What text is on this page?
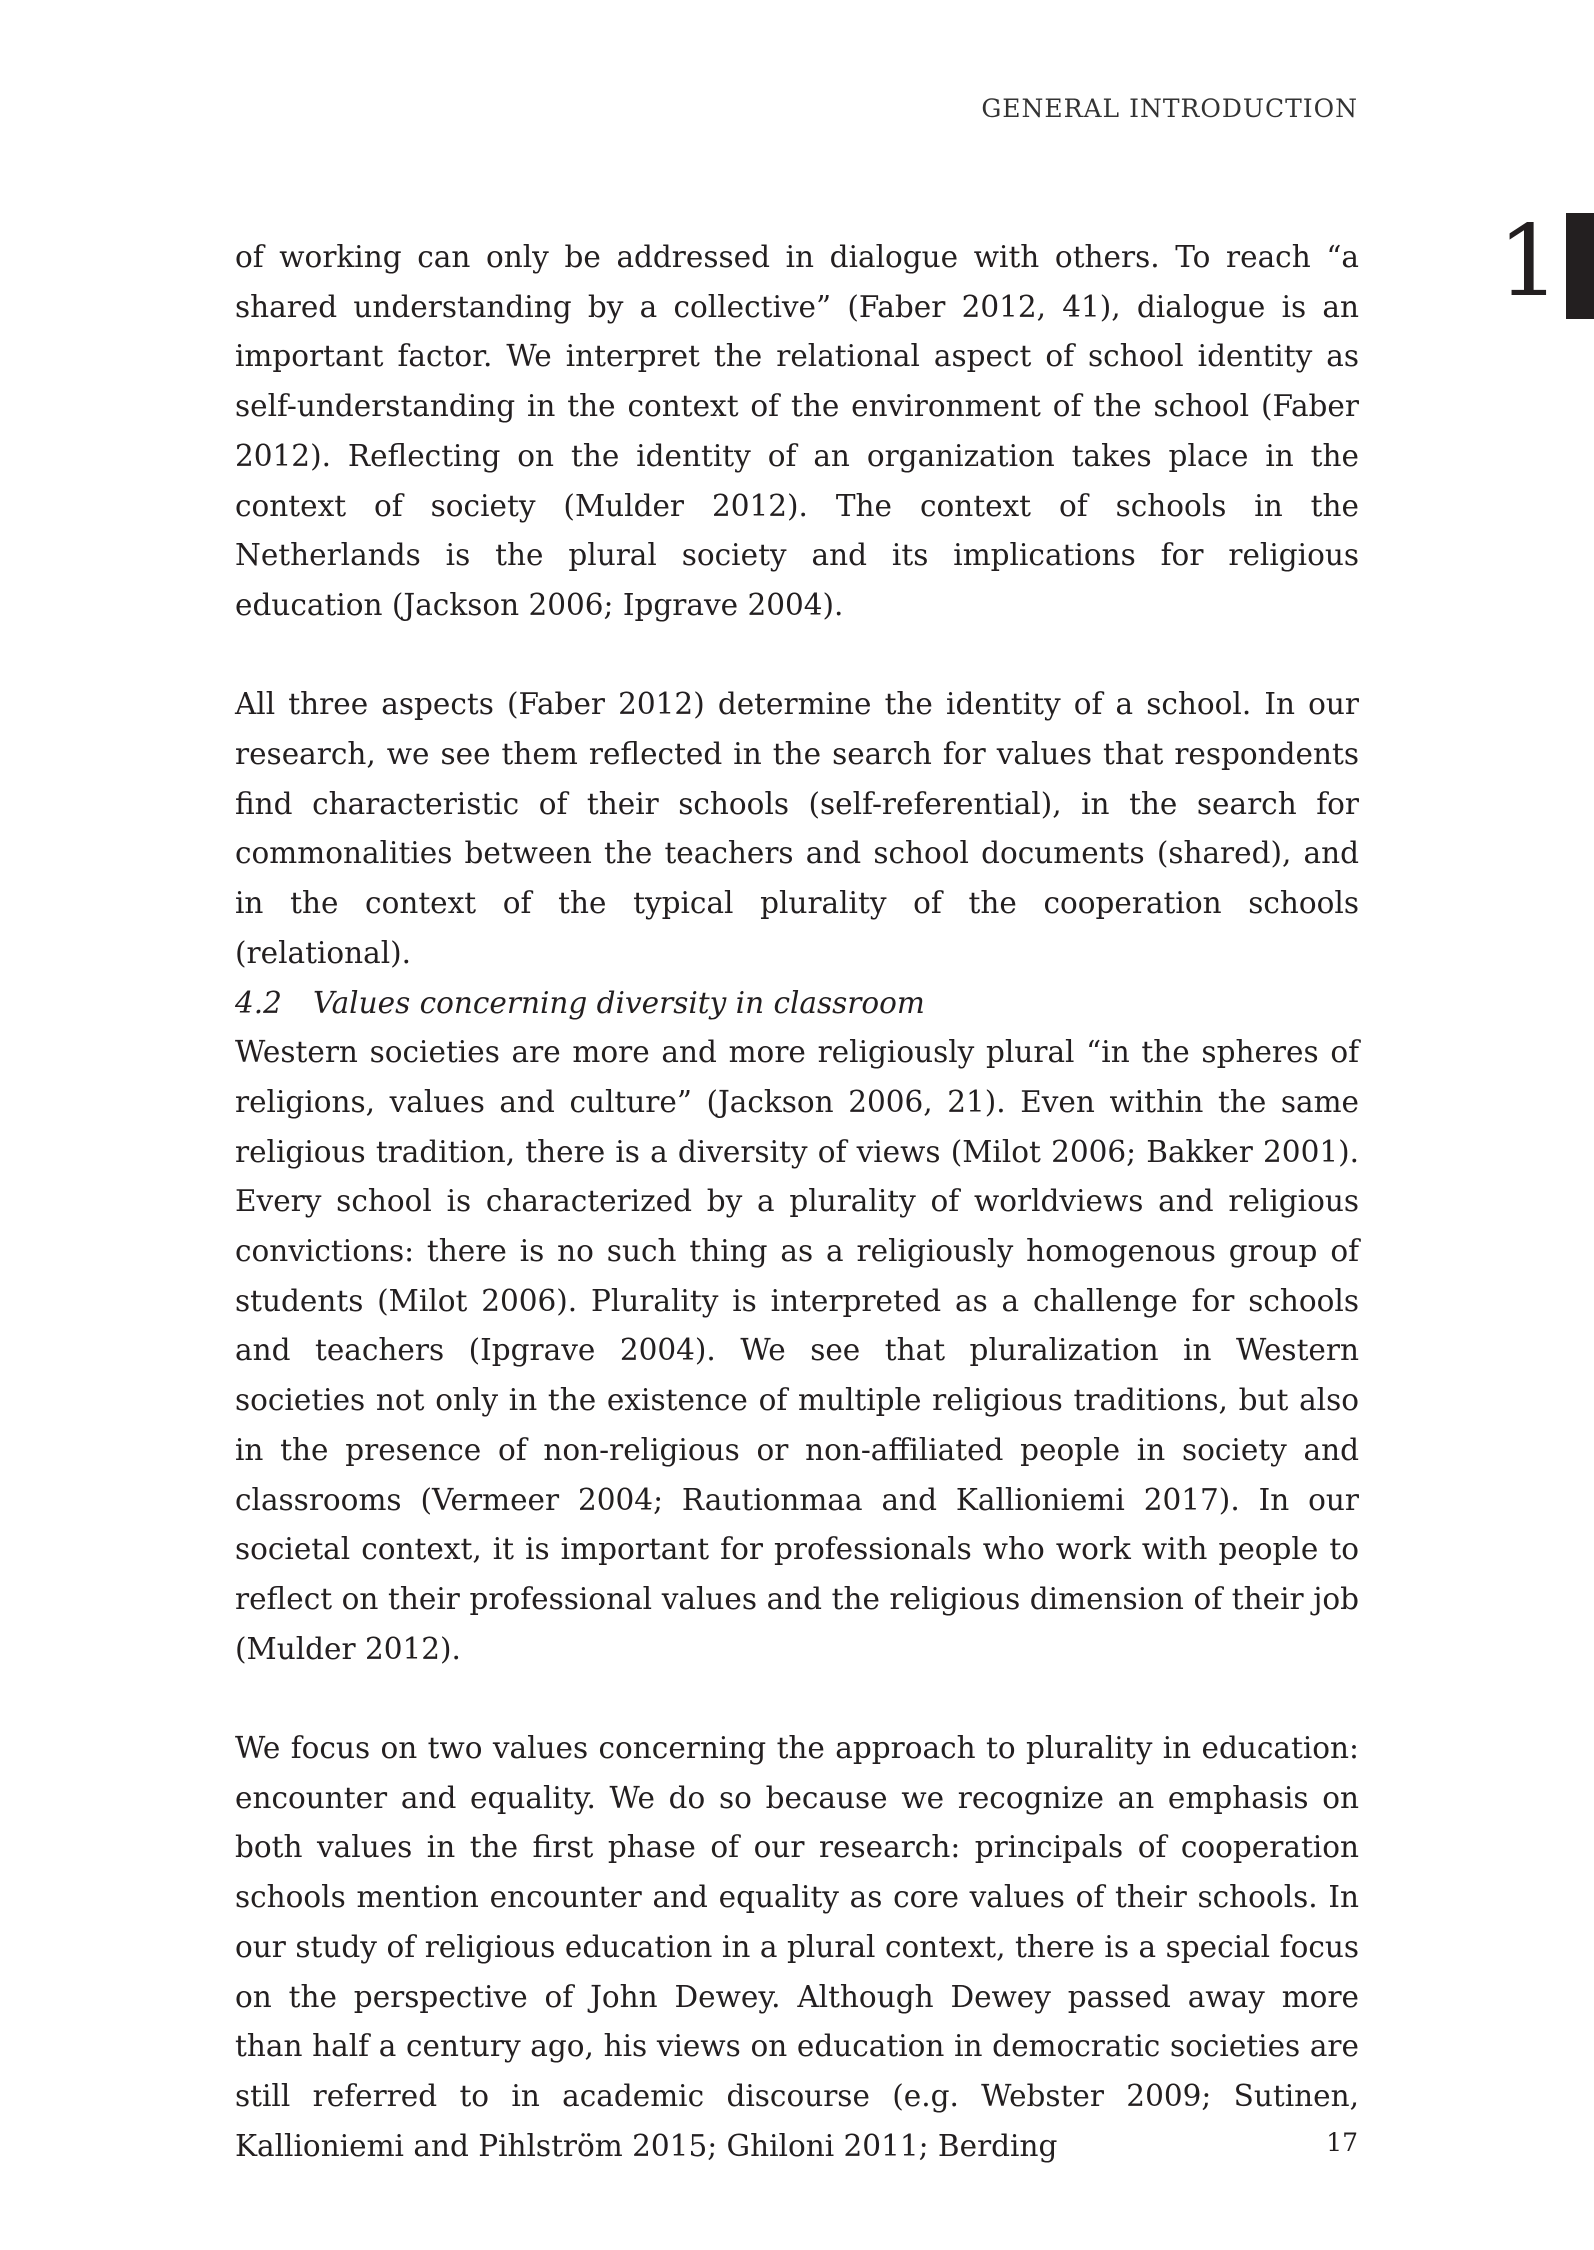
GENERAL INTRODUCTION
1

of working can only be addressed in dialogue with others. To reach “a shared understanding by a collective” (Faber 2012, 41), dialogue is an important factor. We interpret the relational aspect of school identity as self-understanding in the context of the environment of the school (Faber 2012). Reflecting on the identity of an organization takes place in the context of society (Mulder 2012). The context of schools in the Netherlands is the plural society and its implications for religious education (Jackson 2006; Ipgrave 2004).

All three aspects (Faber 2012) determine the identity of a school. In our research, we see them reflected in the search for values that respondents find characteristic of their schools (self-referential), in the search for commonalities between the teachers and school documents (shared), and in the context of the typical plurality of the cooperation schools (relational).

4.2 Values concerning diversity in classroom

Western societies are more and more religiously plural “in the spheres of religions, values and culture” (Jackson 2006, 21). Even within the same religious tradition, there is a diversity of views (Milot 2006; Bakker 2001). Every school is characterized by a plurality of worldviews and religious convictions: there is no such thing as a religiously homogenous group of students (Milot 2006). Plurality is interpreted as a challenge for schools and teachers (Ipgrave 2004). We see that pluralization in Western societies not only in the existence of multiple religious traditions, but also in the presence of non-religious or non-affiliated people in society and classrooms (Vermeer 2004; Rautionmaa and Kallioniemi 2017). In our societal context, it is important for professionals who work with people to reflect on their professional values and the religious dimension of their job (Mulder 2012).

We focus on two values concerning the approach to plurality in education: encounter and equality. We do so because we recognize an emphasis on both values in the first phase of our research: principals of cooperation schools mention encounter and equality as core values of their schools. In our study of religious education in a plural context, there is a special focus on the perspective of John Dewey. Although Dewey passed away more than half a century ago, his views on education in democratic societies are still referred to in academic discourse (e.g. Webster 2009; Sutinen, Kallioniemi and Pihlström 2015; Ghiloni 2011; Berding	17
